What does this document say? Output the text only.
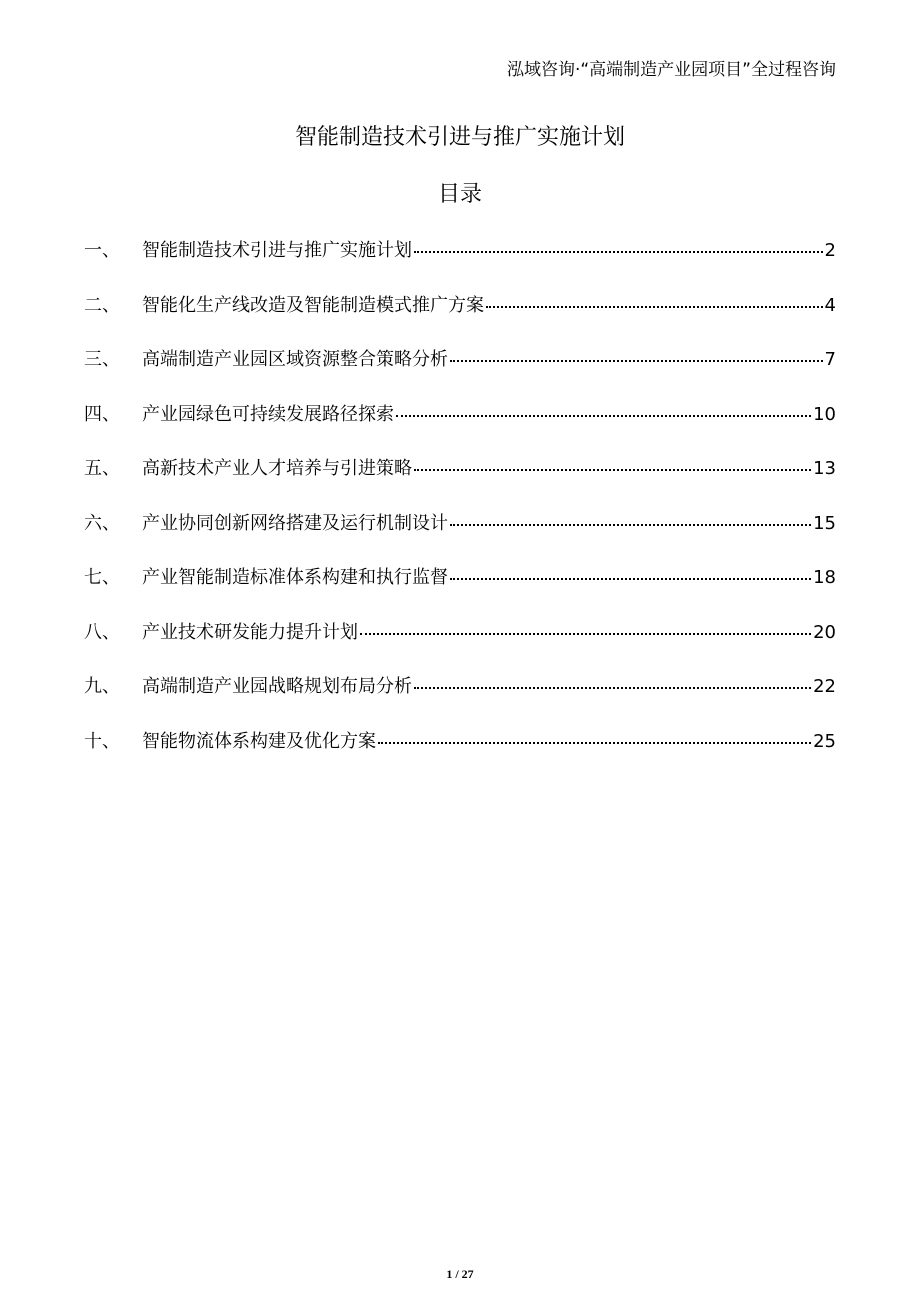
泓域咨询·“高端制造产业园项目”全过程咨询
智能制造技术引进与推广实施计划
目录
一、	智能制造技术引进与推广实施计划	2
二、	智能化生产线改造及智能制造模式推广方案	4
三、	高端制造产业园区域资源整合策略分析	7
四、	产业园绿色可持续发展路径探索	10
五、	高新技术产业人才培养与引进策略	13
六、	产业协同创新网络搭建及运行机制设计	15
七、	产业智能制造标准体系构建和执行监督	18
八、	产业技术研发能力提升计划	20
九、	高端制造产业园战略规划布局分析	22
十、	智能物流体系构建及优化方案	25
1 / 27
